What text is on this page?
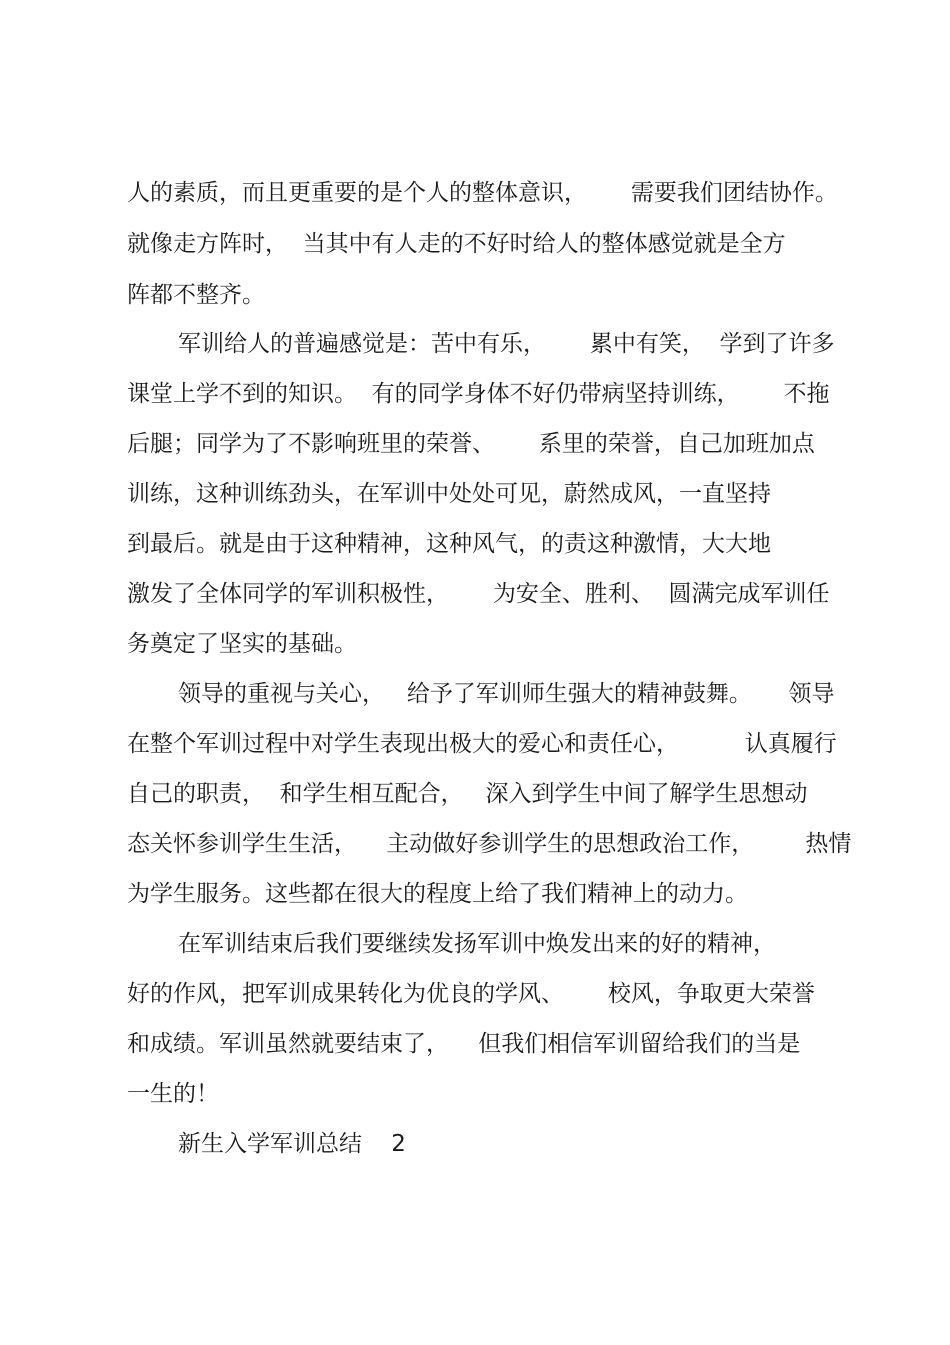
人的素质，而且更重要的是个人的整体意识，      需要我们团结协作。
就像走方阵时，  当其中有人走的不好时给人的整体感觉就是全方
阵都不整齐。
军训给人的普遍感觉是：苦中有乐，      累中有笑，  学到了许多
课堂上学不到的知识。  有的同学身体不好仍带病坚持训练，      不拖
后腿；同学为了不影响班里的荣誉、      系里的荣誉，自己加班加点
训练，这种训练劲头，在军训中处处可见，蔚然成风，一直坚持
到最后。就是由于这种精神，这种风气，的责这种激情，大大地
激发了全体同学的军训积极性，      为安全、胜利、  圆满完成军训任
务奠定了坚实的基础。
领导的重视与关心，   给予了军训师生强大的精神鼓舞。     领导
在整个军训过程中对学生表现出极大的爱心和责任心，         认真履行
自己的职责，  和学生相互配合，   深入到学生中间了解学生思想动
态关怀参训学生生活，    主动做好参训学生的思想政治工作，       热情
为学生服务。这些都在很大的程度上给了我们精神上的动力。
在军训结束后我们要继续发扬军训中焕发出来的好的精神，
好的作风，把军训成果转化为优良的学风、      校风，争取更大荣誉
和成绩。军训虽然就要结束了，    但我们相信军训留给我们的当是
一生的！
新生入学军训总结    2
